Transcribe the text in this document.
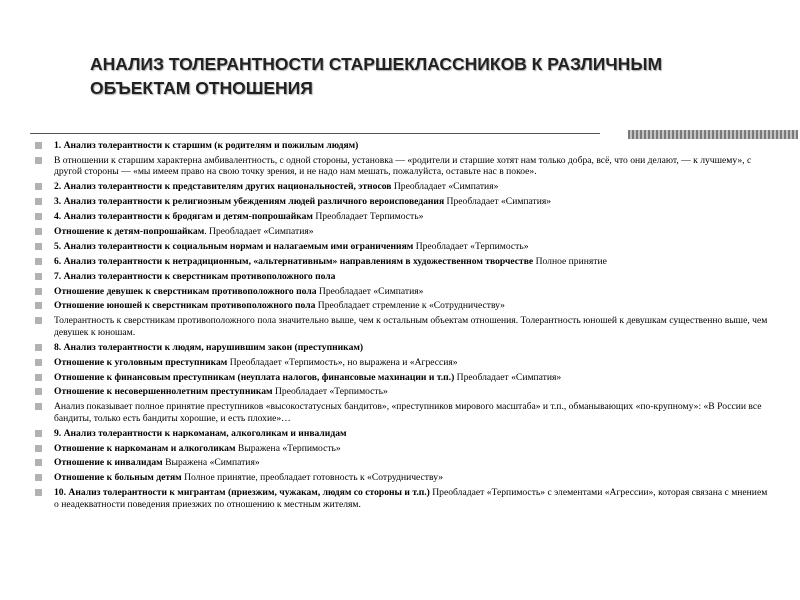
АНАЛИЗ ТОЛЕРАНТНОСТИ СТАРШЕКЛАССНИКОВ К РАЗЛИЧНЫМ ОБЪЕКТАМ ОТНОШЕНИЯ
1. Анализ толерантности к старшим (к родителям и пожилым людям)
В отношении к старшим характерна амбивалентность, с одной стороны, установка — «родители и старшие хотят нам только добра, всё, что они делают, — к лучшему», с другой стороны — «мы имеем право на свою точку зрения, и не надо нам мешать, пожалуйста, оставьте нас в покое».
2. Анализ толерантности к представителям других национальностей, этносов Преобладает «Симпатия»
3. Анализ толерантности к религиозным убеждениям людей различного вероисповедания Преобладает «Симпатия»
4. Анализ толерантности к бродягам и детям-попрошайкам Преобладает Терпимость»
Отношение к детям-попрошайкам. Преобладает «Симпатия»
5. Анализ толерантности к социальным нормам и налагаемым ими ограничениям Преобладает «Терпимость»
6. Анализ толерантности к нетрадиционным, «альтернативным» направлениям в художественном творчестве Полное принятие
7. Анализ толерантности к сверстникам противоположного пола
Отношение девушек к сверстникам противоположного пола Преобладает «Симпатия»
Отношение юношей к сверстникам противоположного пола Преобладает стремление к «Сотрудничеству»
Толерантность к сверстникам противоположного пола значительно выше, чем к остальным объектам отношения. Толерантность юношей к девушкам существенно выше, чем девушек к юношам.
8. Анализ толерантности к людям, нарушившим закон (преступникам)
Отношение к уголовным преступникам Преобладает «Терпимость», но выражена и «Агрессия»
Отношение к финансовым преступникам (неуплата налогов, финансовые махинации и т.п.) Преобладает «Симпатия»
Отношение к несовершеннолетним преступникам Преобладает «Терпимость»
Анализ показывает полное принятие преступников «высокостатусных бандитов», «преступников мирового масштаба» и т.п., обманывающих «по-крупному»: «В России все бандиты, только есть бандиты хорошие, и есть плохие»…
9. Анализ толерантности к наркоманам, алкоголикам и инвалидам
Отношение к наркоманам и алкоголикам Выражена «Терпимость»
Отношение к инвалидам Выражена «Симпатия»
Отношение к больным детям Полное принятие, преобладает готовность к «Сотрудничеству»
10. Анализ толерантности к мигрантам (приезжим, чужакам, людям со стороны и т.п.) Преобладает «Терпимость» с элементами «Агрессии», которая связана с мнением о неадекватности поведения приезжих по отношению к местным жителям.
